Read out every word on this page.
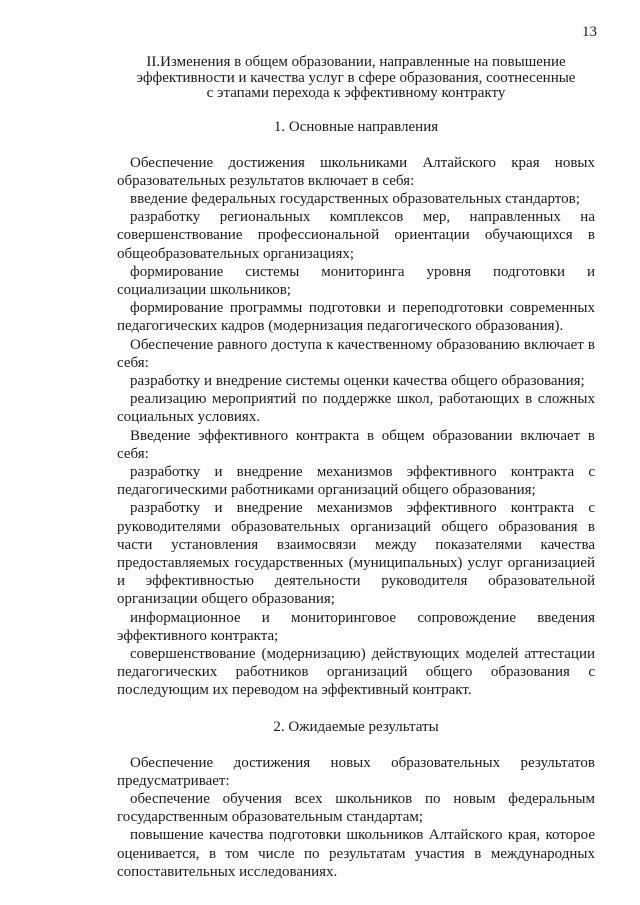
13
II.Изменения в общем образовании, направленные на повышение
эффективности и качества услуг в сфере образования, соотнесенные
с этапами перехода к эффективному контракту
1. Основные направления

Обеспечение достижения школьниками Алтайского края новых образовательных результатов включает в себя:

введение федеральных государственных образовательных стандартов;
разработку региональных комплексов мер, направленных на совершенствование профессиональной ориентации обучающихся в общеобразовательных организациях;
формирование системы мониторинга уровня подготовки и социализации школьников;
формирование программы подготовки и переподготовки современных педагогических кадров (модернизация педагогического образования).

Обеспечение равного доступа к качественному образованию включает в себя:

разработку и внедрение системы оценки качества общего образования;
реализацию мероприятий по поддержке школ, работающих в сложных социальных условиях.

Введение эффективного контракта в общем образовании включает в себя:

разработку и внедрение механизмов эффективного контракта с педагогическими работниками организаций общего образования;
разработку и внедрение механизмов эффективного контракта с руководителями образовательных организаций общего образования в части установления взаимосвязи между показателями качества предоставляемых государственных (муниципальных) услуг организацией и эффективностью деятельности руководителя образовательной организации общего образования;
информационное и мониторинговое сопровождение введения эффективного контракта;
совершенствование (модернизацию) действующих моделей аттестации педагогических работников организаций общего образования с последующим их переводом на эффективный контракт.
2. Ожидаемые результаты

Обеспечение достижения новых образовательных результатов предусматривает:

обеспечение обучения всех школьников по новым федеральным государственным образовательным стандартам;
повышение качества подготовки школьников Алтайского края, которое оценивается, в том числе по результатам участия в международных сопоставительных исследованиях.
